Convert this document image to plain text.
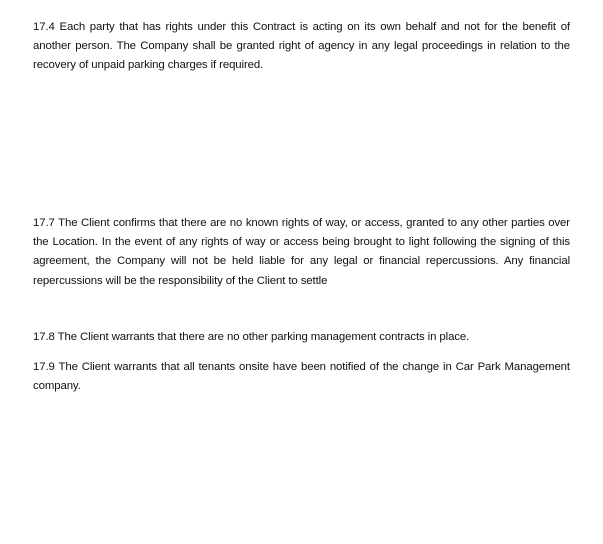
17.4 Each party that has rights under this Contract is acting on its own behalf and not for the benefit of another person. The Company shall be granted right of agency in any legal proceedings in relation to the recovery of unpaid parking charges if required.

17.7 The Client confirms that there are no known rights of way, or access, granted to any other parties over the Location. In the event of any rights of way or access being brought to light following the signing of this agreement, the Company will not be held liable for any legal or financial repercussions. Any financial repercussions will be the responsibility of the Client to settle

17.8 The Client warrants that there are no other parking management contracts in place.

17.9 The Client warrants that all tenants onsite have been notified of the change in Car Park Management company.
